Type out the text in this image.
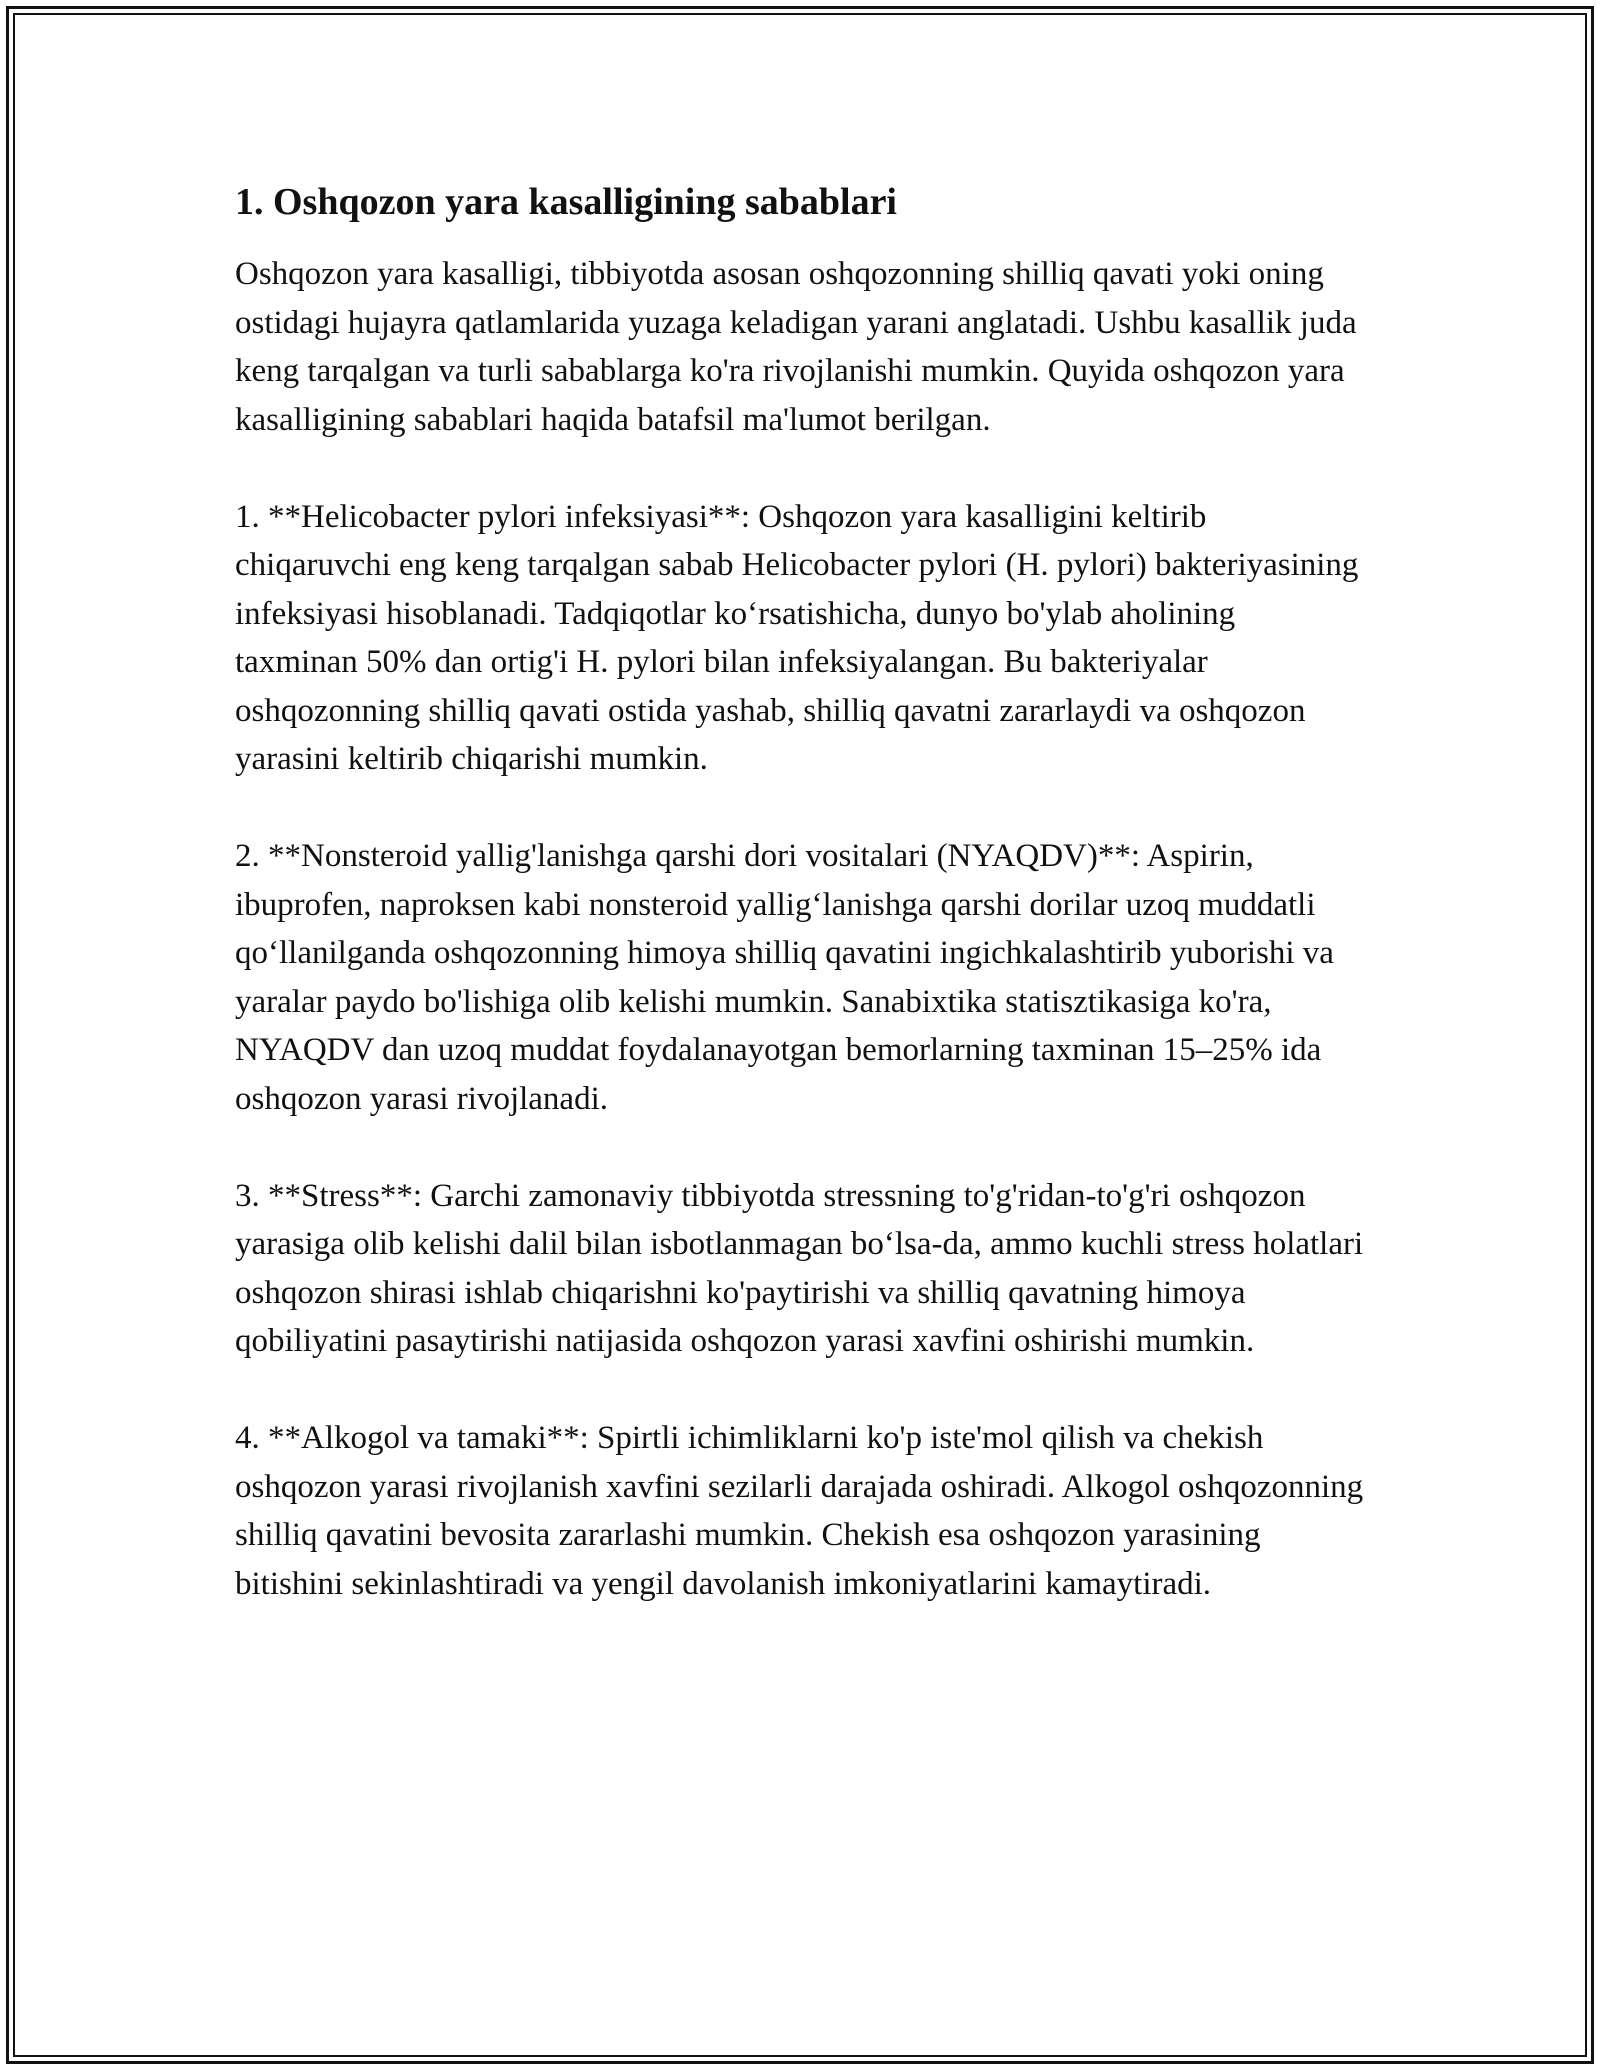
1. Oshqozon yara kasalligining sabablari

Oshqozon yara kasalligi, tibbiyotda asosan oshqozonning shilliq qavati yoki oning ostidagi hujayra qatlamlarida yuzaga keladigan yarani anglatadi. Ushbu kasallik juda keng tarqalgan va turli sabablarga ko'ra rivojlanishi mumkin. Quyida oshqozon yara kasalligining sabablari haqida batafsil ma'lumot berilgan.

1. **Helicobacter pylori infeksiyasi**: Oshqozon yara kasalligini keltirib chiqaruvchi eng keng tarqalgan sabab Helicobacter pylori (H. pylori) bakteriyasining infeksiyasi hisoblanadi. Tadqiqotlar koʻrsatishicha, dunyo bo'ylab aholining taxminan 50% dan ortig'i H. pylori bilan infeksiyalangan. Bu bakteriyalar oshqozonning shilliq qavati ostida yashab, shilliq qavatni zararlaydi va oshqozon yarasini keltirib chiqarishi mumkin.

2. **Nonsteroid yallig'lanishga qarshi dori vositalari (NYAQDV)**: Aspirin, ibuprofen, naproksen kabi nonsteroid yalligʻlanishga qarshi dorilar uzoq muddatli qoʻllanilganda oshqozonning himoya shilliq qavatini ingichkalashtirib yuborishi va yaralar paydo bo'lishiga olib kelishi mumkin. Sanabixtika statisztikasiga ko'ra, NYAQDV dan uzoq muddat foydalanayotgan bemorlarning taxminan 15–25% ida oshqozon yarasi rivojlanadi.

3. **Stress**: Garchi zamonaviy tibbiyotda stressning to'g'ridan-to'g'ri oshqozon yarasiga olib kelishi dalil bilan isbotlanmagan boʻlsa-da, ammo kuchli stress holatlari oshqozon shirasi ishlab chiqarishni ko'paytirishi va shilliq qavatning himoya qobiliyatini pasaytirishi natijasida oshqozon yarasi xavfini oshirishi mumkin.

4. **Alkogol va tamaki**: Spirtli ichimliklarni ko'p iste'mol qilish va chekish oshqozon yarasi rivojlanish xavfini sezilarli darajada oshiradi. Alkogol oshqozonning shilliq qavatini bevosita zararlashi mumkin. Chekish esa oshqozon yarasining bitishini sekinlashtiradi va yengil davolanish imkoniyatlarini kamaytiradi.
